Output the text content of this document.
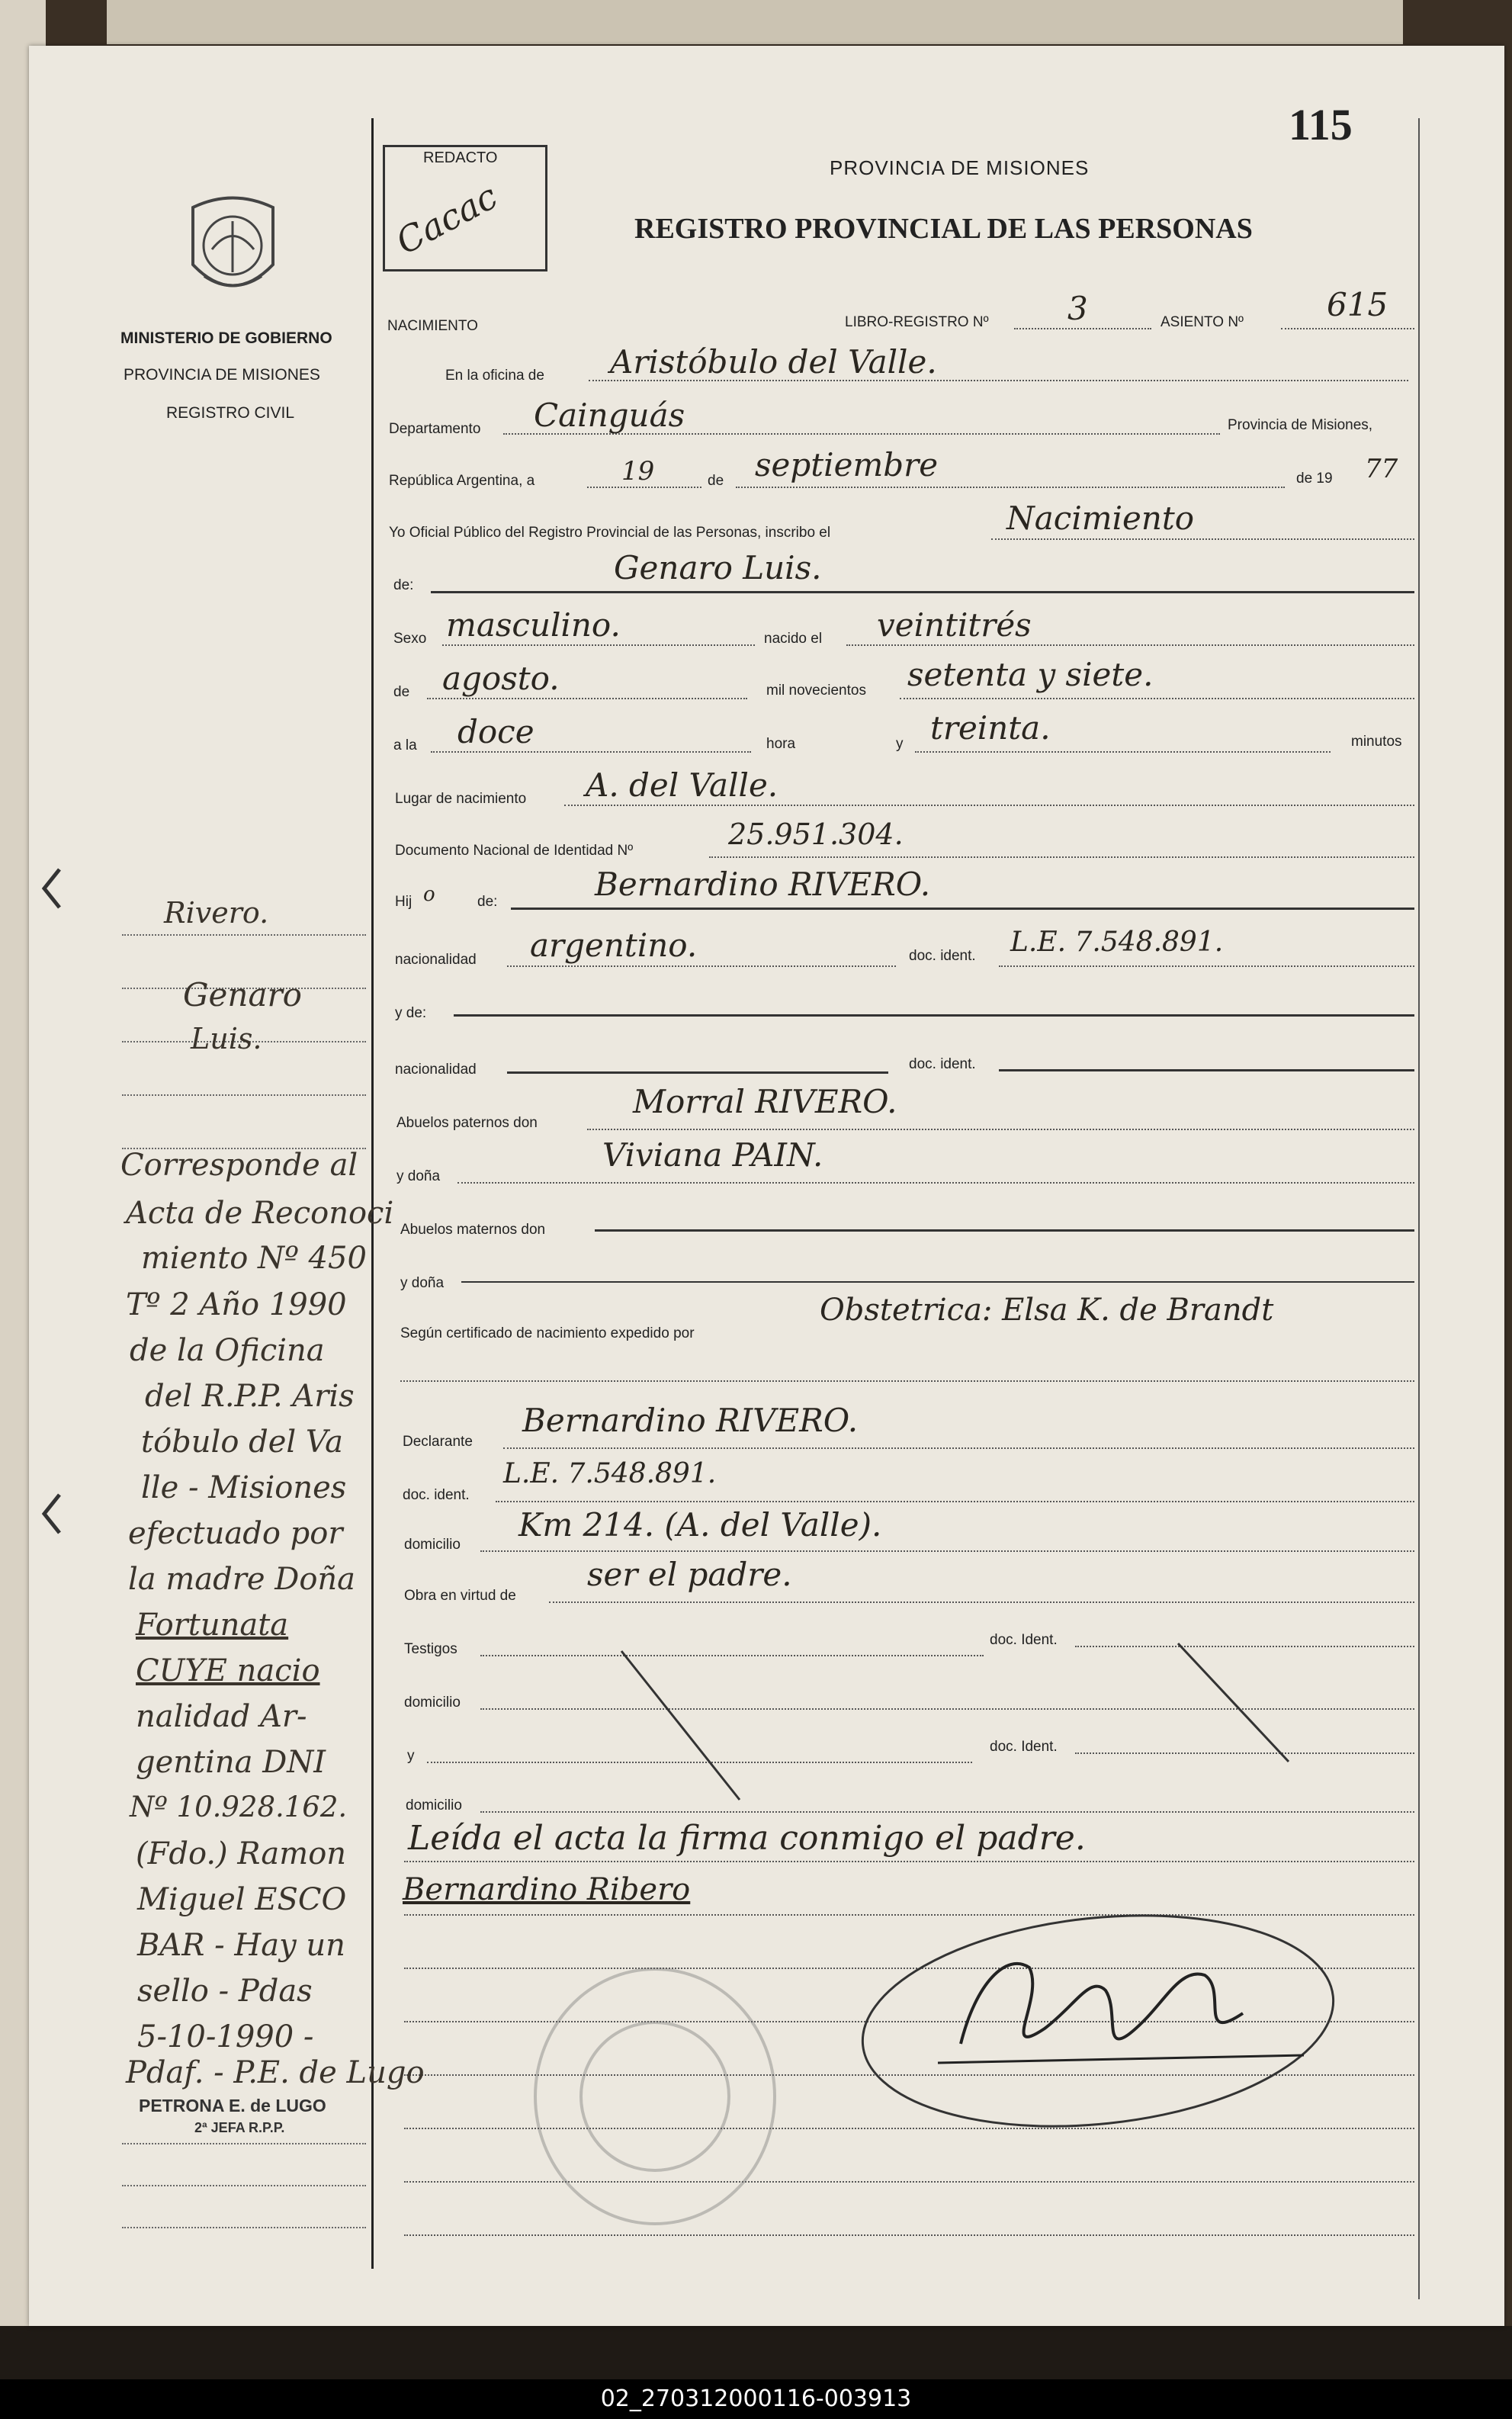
115
REDACTO
Cacac
PROVINCIA DE MISIONES
REGISTRO PROVINCIAL DE LAS PERSONAS
MINISTERIO DE GOBIERNO
PROVINCIA DE MISIONES
REGISTRO CIVIL
NACIMIENTO	LIBRO-REGISTRO Nº 3	ASIENTO Nº	615
En la oficina de Aristóbulo del Valle.
Departamento Cainguás	Provincia de Misiones,
República Argentina, a	19	de septiembre	de 19 77
Yo Oficial Público del Registro Provincial de las Personas, inscribo el	Nacimiento
de:	Genaro Luis.
Sexo masculino.	nacido el veintitrés
de agosto.	mil novecientos setenta y siete.
a la doce	hora	y treinta.	minutos
Lugar de nacimiento A. del Valle.
Documento Nacional de Identidad Nº	25.951.304.
Hij o	de:	Bernardino RIVERO.
nacionalidad argentino.	doc. ident. L.E. 7.548.891.
y de:
nacionalidad	doc. ident.
Abuelos paternos don
Morral RIVERO.
y doña
Viviana PAIN.
Abuelos maternos don
y doña
Según certificado de nacimiento expedido por
Obstetrica: Elsa K. de Brandt
Declarante
Bernardino RIVERO.
doc. ident.
L.E. 7.548.891.
domicilio
Km 214. (A. del Valle).
Obra en virtud de
ser el padre.
Testigos
doc. Ident.
domicilio
y
doc. Ident.
domicilio
Leída el acta la firma conmigo el padre.
Bernardino Ribero
Rivero.
Genaro
Luis.
Corresponde al
Acta de Reconoci
miento Nº 450
Tº 2 Año 1990
de la Oficina
del R.P.P. Aris
tóbulo del Va
lle - Misiones
efectuado por
la madre Doña
Fortunata
CUYE nacio
nalidad Ar-
gentina DNI
Nº 10.928.162.
(Fdo.) Ramon
Miguel ESCO
BAR - Hay un
sello - Pdas
5-10-1990 -
Pdaf. - P.E. de Lugo
PETRONA E. de LUGO
2ª JEFA R.P.P.
02_270312000116-003913
